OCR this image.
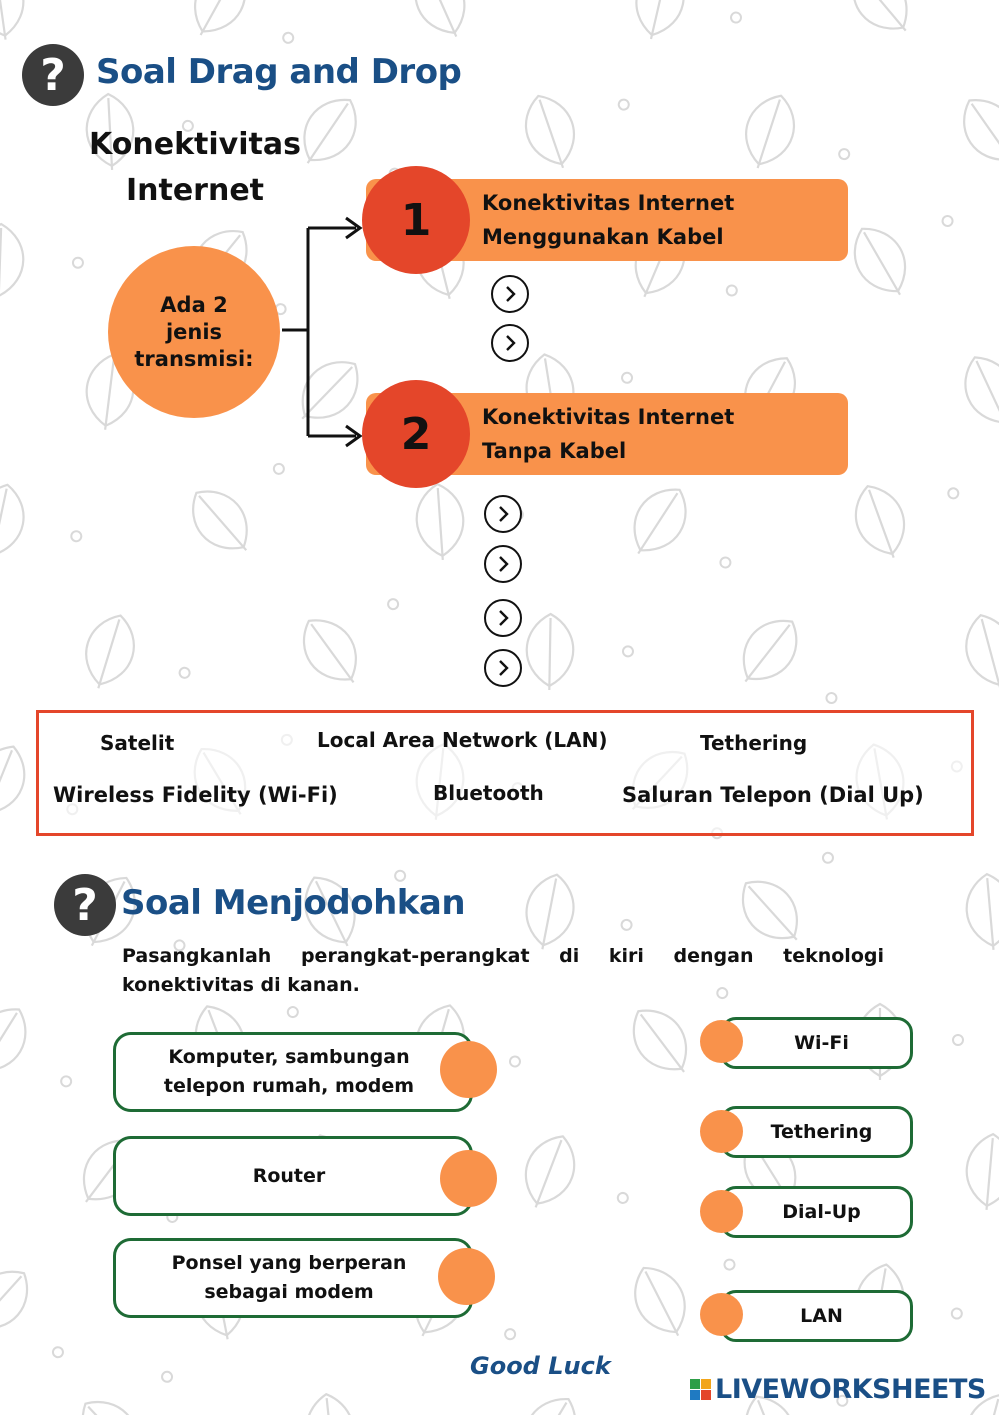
? Soal Drag and Drop
Konektivitas Internet
Ada 2 jenis transmisi:
Konektivitas Internet
Menggunakan Kabel
1
Konektivitas Internet
Tanpa Kabel
2
Satelit	Local Area Network (LAN)	Tethering
Wireless Fidelity (Wi-Fi)	Bluetooth	Saluran Telepon (Dial Up)
? Soal Menjodohkan
Pasangkanlah perangkat-perangkat di kiri dengan teknologi konektivitas di kanan.
Komputer, sambungan telepon rumah, modem
Router
Ponsel yang berperan sebagai modem
Wi-Fi
Tethering
Dial-Up
LAN
Good Luck
LIVEWORKSHEETS
